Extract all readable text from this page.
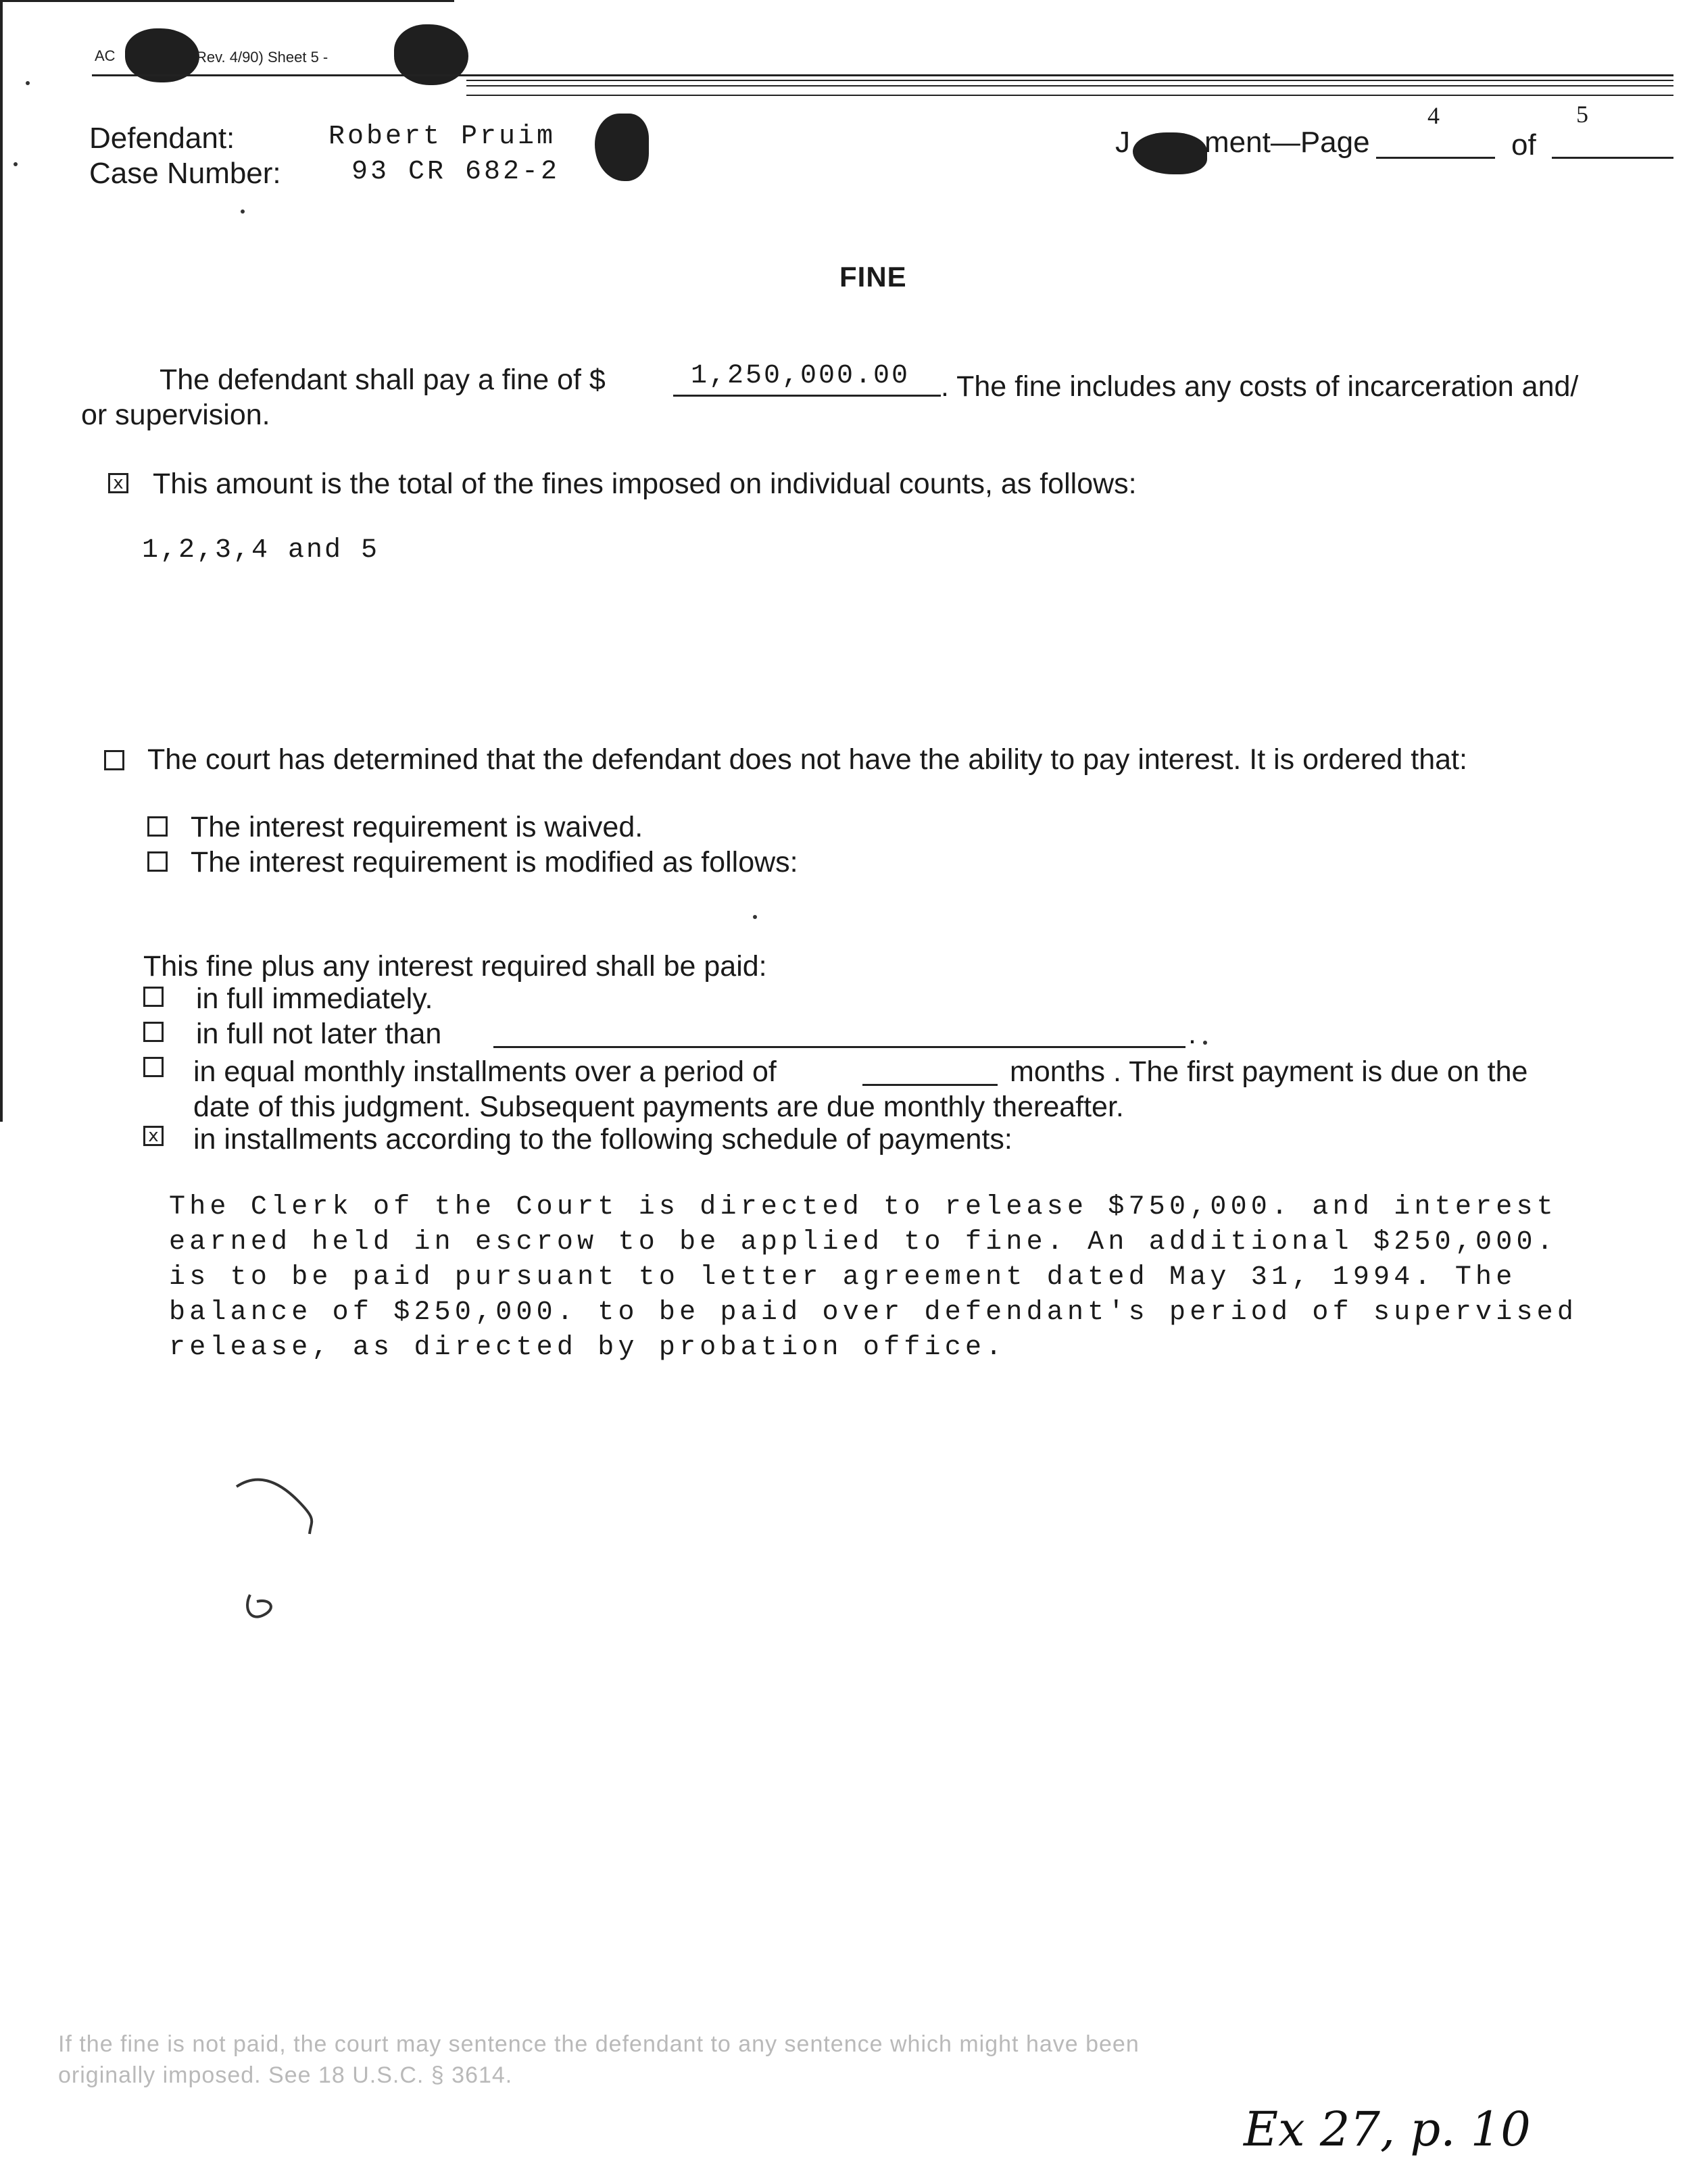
AC	Rev. 4/90) Sheet 5 -
Defendant:	Robert Pruim
Case Number:	93 CR 682-2
J	ment—Page
4
of
5
FINE
The defendant shall pay a fine of $	1,250,000.00 . The fine includes any costs of incarceration and/
or supervision.
x This amount is the total of the fines imposed on individual counts, as follows:
1,2,3,4 and 5
The court has determined that the defendant does not have the ability to pay interest. It is ordered that:
The interest requirement is waived.
The interest requirement is modified as follows:
This fine plus any interest required shall be paid:
in full immediately.
in full not later than	.
in equal monthly installments over a period of	months . The first payment is due on the
date of this judgment. Subsequent payments are due monthly thereafter.
x in installments according to the following schedule of payments:
The Clerk of the Court is directed to release $750,000. and interest
earned held in escrow to be applied to fine. An additional $250,000.
is to be paid pursuant to letter agreement dated May 31, 1994. The
balance of $250,000. to be paid over defendant's period of supervised
release, as directed by probation office.
If the fine is not paid, the court may sentence the defendant to any sentence which might have been
originally imposed. See 18 U.S.C. § 3614.
Ex 27, p. 10
